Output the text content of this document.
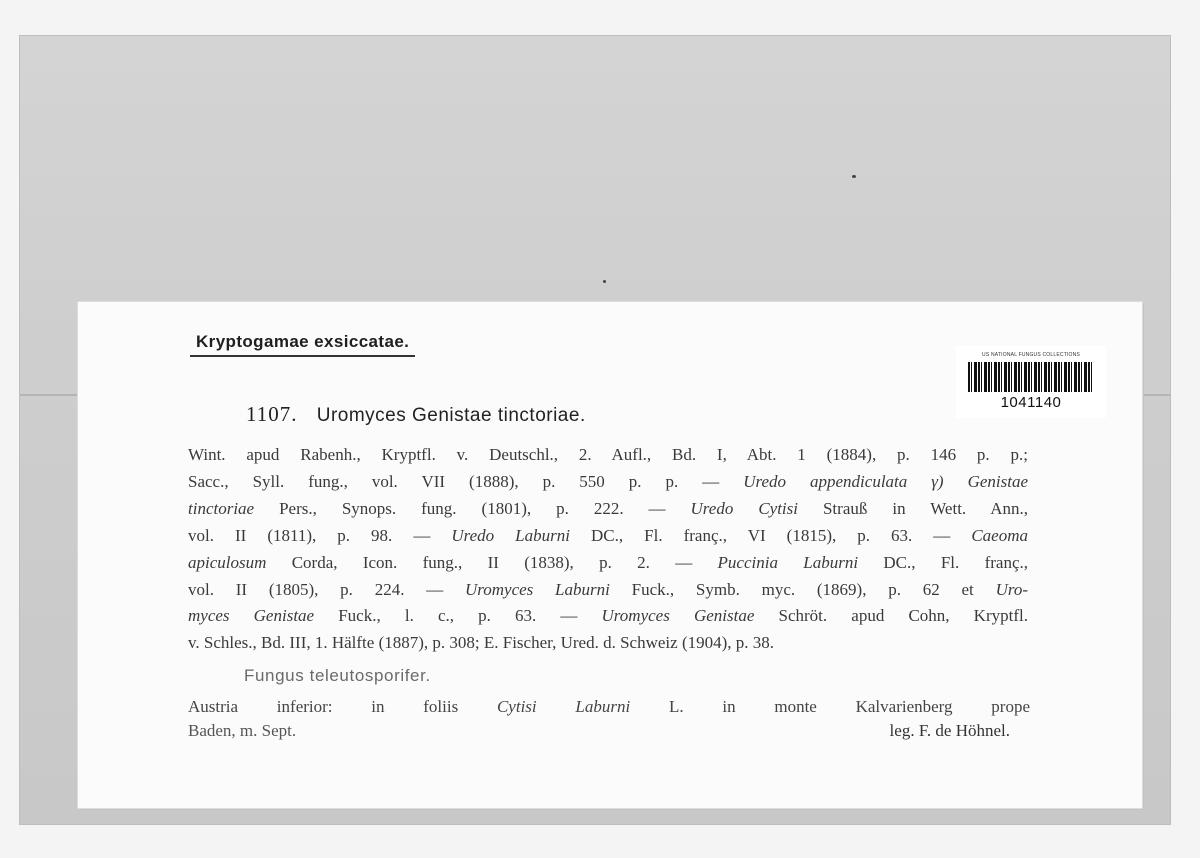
Kryptogamae exsiccatae.
US NATIONAL FUNGUS COLLECTIONS
1041140
1107. Uromyces Genistae tinctoriae.
Wint. apud Rabenh., Kryptfl. v. Deutschl., 2. Aufl., Bd. I, Abt. 1 (1884), p. 146 p. p.;
Sacc., Syll. fung., vol. VII (1888), p. 550 p. p. — Uredo appendiculata γ) Genistae
tinctoriae Pers., Synops. fung. (1801), p. 222. — Uredo Cytisi Strauß in Wett. Ann.,
vol. II (1811), p. 98. — Uredo Laburni DC., Fl. franç., VI (1815), p. 63. — Caeoma
apiculosum Corda, Icon. fung., II (1838), p. 2. — Puccinia Laburni DC., Fl. franç.,
vol. II (1805), p. 224. — Uromyces Laburni Fuck., Symb. myc. (1869), p. 62 et Uro-
myces Genistae Fuck., l. c., p. 63. — Uromyces Genistae Schröt. apud Cohn, Kryptfl.
v. Schles., Bd. III, 1. Hälfte (1887), p. 308; E. Fischer, Ured. d. Schweiz (1904), p. 38.
Fungus teleutosporifer.
Austria inferior: in foliis Cytisi Laburni L. in monte Kalvarienberg prope
Baden, m. Sept.	leg. F. de Höhnel.
